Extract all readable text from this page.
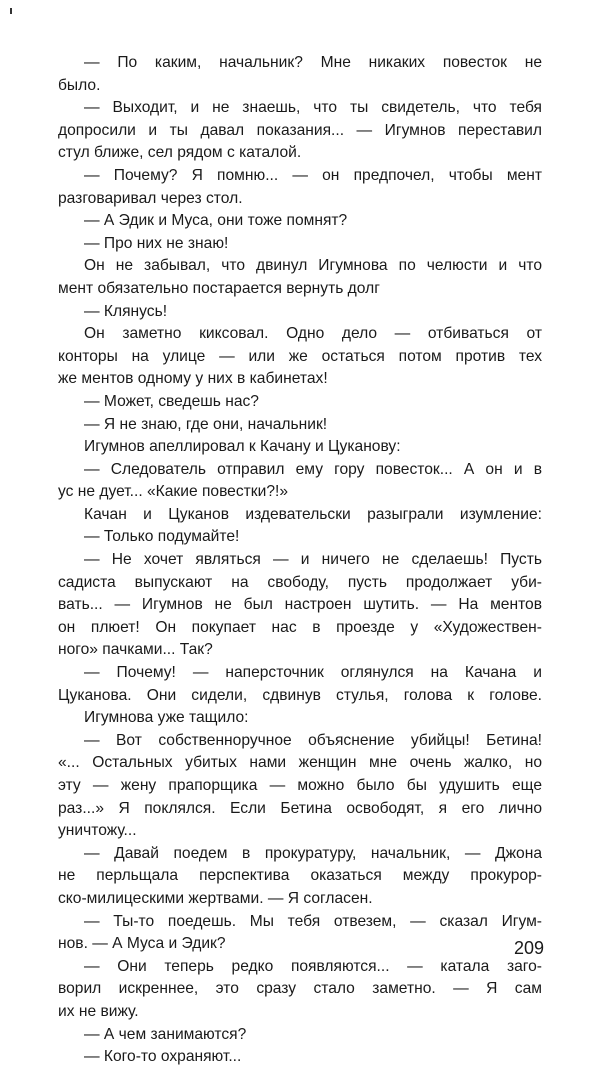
— По каким, начальник? Мне никаких повесток не
было.
— Выходит, и не знаешь, что ты свидетель, что тебя
допросили и ты давал показания... — Игумнов переставил
стул ближе, сел рядом с каталой.
— Почему? Я помню... — он предпочел, чтобы мент
разговаривал через стол.
— А Эдик и Муса, они тоже помнят?
— Про них не знаю!
Он не забывал, что двинул Игумнова по челюсти и что
мент обязательно постарается вернуть долг
— Клянусь!
Он заметно киксовал. Одно дело — отбиваться от
конторы на улице — или же остаться потом против тех
же ментов одному у них в кабинетах!
— Может, сведешь нас?
— Я не знаю, где они, начальник!
Игумнов апеллировал к Качану и Цуканову:
— Следователь отправил ему гору повесток... А он и в
ус не дует... «Какие повестки?!»
Качан и Цуканов издевательски разыграли изумление:
— Только подумайте!
— Не хочет являться — и ничего не сделаешь! Пусть
садиста выпускают на свободу, пусть продолжает уби-
вать... — Игумнов не был настроен шутить. — На ментов
он плюет! Он покупает нас в проезде у «Художествен-
ного» пачками... Так?
— Почему! — наперсточник оглянулся на Качана и
Цуканова. Они сидели, сдвинув стулья, голова к голове.
Игумнова уже тащило:
— Вот собственноручное объяснение убийцы! Бетина!
«... Остальных убитых нами женщин мне очень жалко, но
эту — жену прапорщика — можно было бы удушить еще
раз...» Я поклялся. Если Бетина освободят, я его лично
уничтожу...
— Давай поедем в прокуратуру, начальник, — Джона
не перльщала перспектива оказаться между прокурор-
ско-милицескими жертвами. — Я согласен.
— Ты-то поедешь. Мы тебя отвезем, — сказал Игум-
нов. — А Муса и Эдик?
— Они теперь редко появляются... — катала заго-
ворил искреннее, это сразу стало заметно. — Я сам
их не вижу.
— А чем занимаются?
— Кого-то охраняют...
209
